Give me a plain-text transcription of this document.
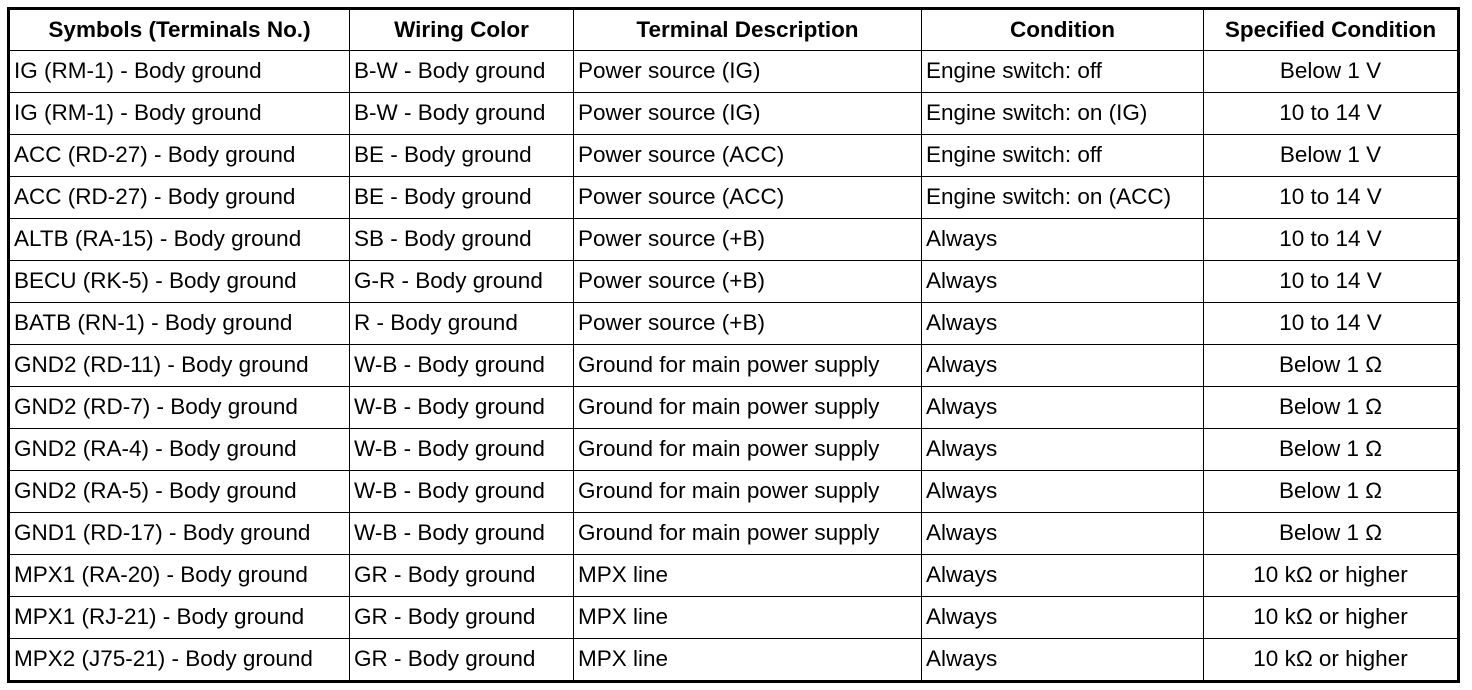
Symbols (Terminals No.)	Wiring Color	Terminal Description	Condition	Specified Condition
IG (RM-1) - Body ground	B-W - Body ground	Power source (IG)	Engine switch: off	Below 1 V
IG (RM-1) - Body ground	B-W - Body ground	Power source (IG)	Engine switch: on (IG)	10 to 14 V
ACC (RD-27) - Body ground	BE - Body ground	Power source (ACC)	Engine switch: off	Below 1 V
ACC (RD-27) - Body ground	BE - Body ground	Power source (ACC)	Engine switch: on (ACC)	10 to 14 V
ALTB (RA-15) - Body ground	SB - Body ground	Power source (+B)	Always	10 to 14 V
BECU (RK-5) - Body ground	G-R - Body ground	Power source (+B)	Always	10 to 14 V
BATB (RN-1) - Body ground	R - Body ground	Power source (+B)	Always	10 to 14 V
GND2 (RD-11) - Body ground	W-B - Body ground	Ground for main power supply	Always	Below 1 Ω
GND2 (RD-7) - Body ground	W-B - Body ground	Ground for main power supply	Always	Below 1 Ω
GND2 (RA-4) - Body ground	W-B - Body ground	Ground for main power supply	Always	Below 1 Ω
GND2 (RA-5) - Body ground	W-B - Body ground	Ground for main power supply	Always	Below 1 Ω
GND1 (RD-17) - Body ground	W-B - Body ground	Ground for main power supply	Always	Below 1 Ω
MPX1 (RA-20) - Body ground	GR - Body ground	MPX line	Always	10 kΩ or higher
MPX1 (RJ-21) - Body ground	GR - Body ground	MPX line	Always	10 kΩ or higher
MPX2 (J75-21) - Body ground	GR - Body ground	MPX line	Always	10 kΩ or higher
